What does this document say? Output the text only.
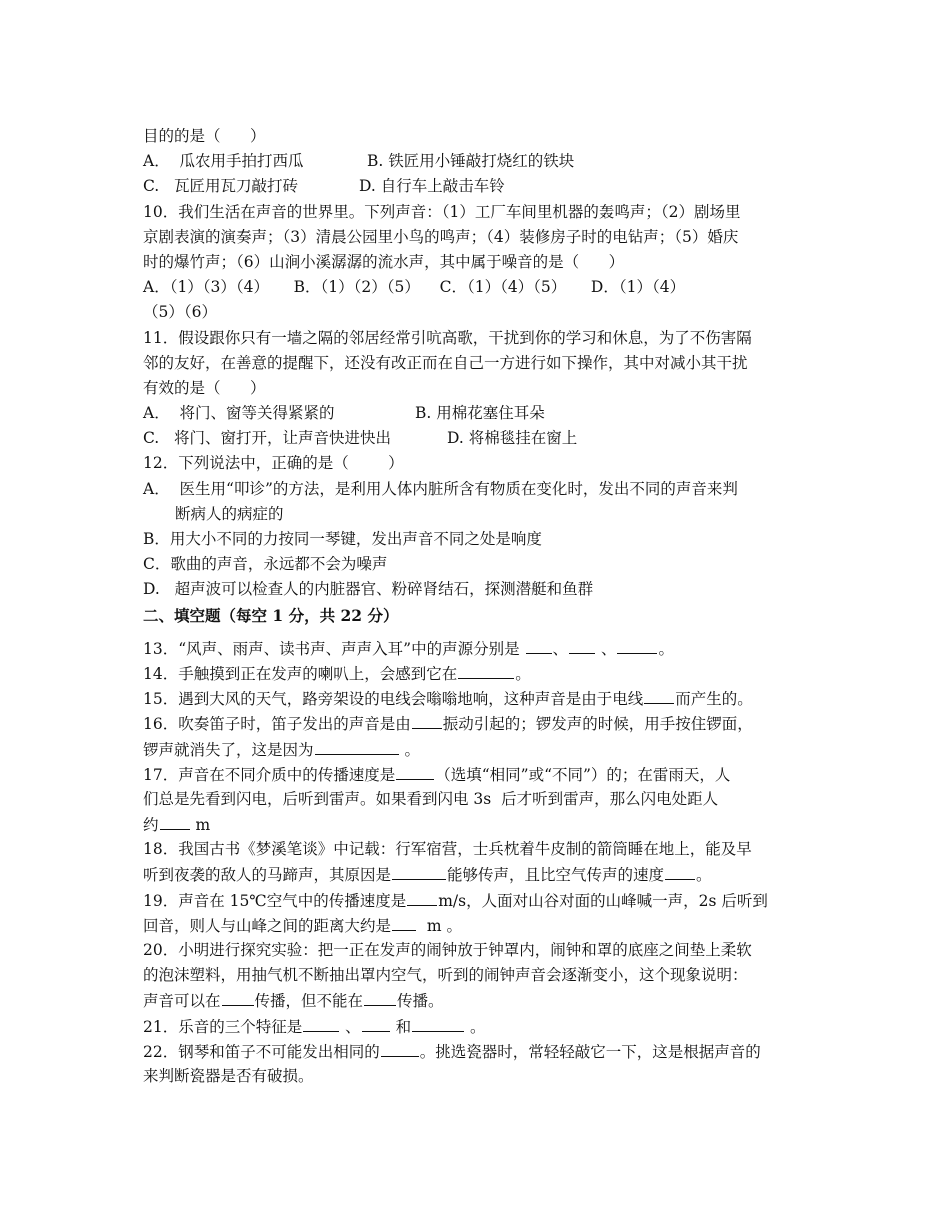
目的的是（      ）
A．  瓜农用手拍打西瓜	B. 铁匠用小锤敲打烧红的铁块
C.   瓦匠用瓦刀敲打砖	D. 自行车上敲击车铃
10．我们生活在声音的世界里。下列声音：（1）工厂车间里机器的轰鸣声；（2）剧场里
京剧表演的演奏声；（3）清晨公园里小鸟的鸣声；（4）装修房子时的电钻声；（5）婚庆
时的爆竹声；（6）山涧小溪潺潺的流水声，其中属于噪音的是（      ）
A．（1）（3）（4）     B．（1）（2）（5）    C．（1）（4）（5）     D．（1）（4）
（5）（6）
11．假设跟你只有一墙之隔的邻居经常引吭高歌，干扰到你的学习和休息，为了不伤害隔
邻的友好，在善意的提醒下，还没有改正而在自己一方进行如下操作，其中对减小其干扰
有效的是（      ）
A．  将门、窗等关得紧紧的	B. 用棉花塞住耳朵
C.   将门、窗打开，让声音快进快出	D. 将棉毯挂在窗上
12．下列说法中，正确的是（        ）
A．  医生用“叩诊”的方法，是利用人体内脏所含有物质在变化时，发出不同的声音来判
断病人的病症的
B．用大小不同的力按同一琴键，发出声音不同之处是响度
C．歌曲的声音，永远都不会为噪声
D.   超声波可以检查人的内脏器官、粉碎肾结石，探测潜艇和鱼群
二、填空题（每空 1 分，共 22 分）
13．“风声、雨声、读书声、声声入耳”中的声源分别是 、 、	。
14．手触摸到正在发声的喇叭上，会感到它在	。
15．遇到大风的天气，路旁架设的电线会嗡嗡地响，这种声音是由于电线 而产生的。
16．吹奏笛子时，笛子发出的声音是由 振动引起的；锣发声的时候，用手按住锣面，
锣声就消失了，这是因为	。
17．声音在不同介质中的传播速度是	（选填“相同”或“不同”）的；在雷雨天，人
们总是先看到闪电，后听到雷声。如果看到闪电 3s  后才听到雷声，那么闪电处距人
约 m
18．我国古书《梦溪笔谈》中记载：行军宿营，士兵枕着牛皮制的箭筒睡在地上，能及早
听到夜袭的敌人的马蹄声，其原因是	能够传声，且比空气传声的速度 。
19．声音在 15℃空气中的传播速度是 m/s，人面对山谷对面的山峰喊一声，2s 后听到
回音，则人与山峰之间的距离大约是  m 。
20．小明进行探究实验：把一正在发声的闹钟放于钟罩内，闹钟和罩的底座之间垫上柔软
的泡沫塑料，用抽气机不断抽出罩内空气，听到的闹钟声音会逐渐变小，这个现象说明：
声音可以在 传播，但不能在 传播。
21．乐音的三个特征是 、 和	。
22．钢琴和笛子不可能发出相同的	。挑选瓷器时，常轻轻敲它一下，这是根据声音的
来判断瓷器是否有破损。
